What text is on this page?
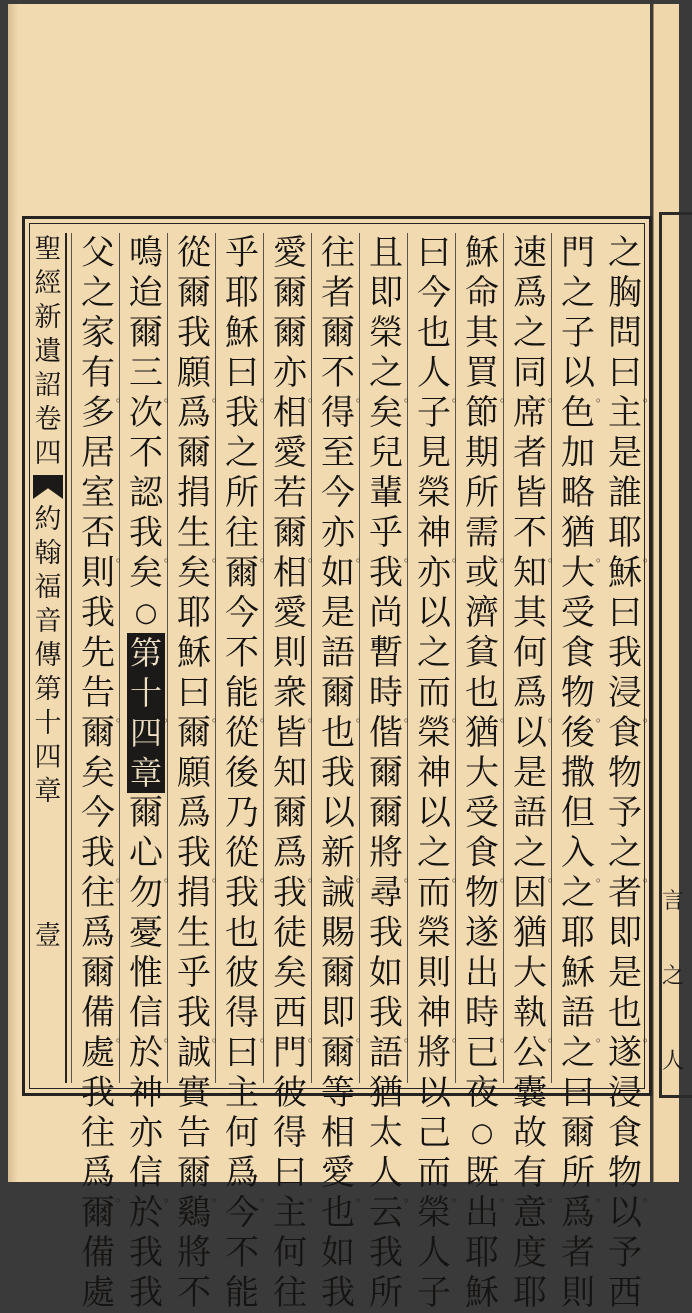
之
胸
問
曰 。
主
是
誰
耶 。
穌
曰
我
浸 。
食
物
予
之 。
者
即
是
也 。
遂
浸
食
物 。
以
予
西
門
之
子
以 。
色
加
略
猶 。
大
受
食
物 。
後
撒
但
入 。
之
耶
穌
語 。
之
曰
爾
所 。
爲
者
則
速
爲
之
同 。
席
者
皆
不 。
知
其
何
爲 。
以
是
語
之 。
因
猶
大
執 。
公
囊
故
有 。
意
度
耶
穌
命
其
買 。
節
期
所
需 。
或
濟
貧
也 。
猶
大
受
食 。
物
遂
出
時 。
已
夜
○
既 。
出
耶
穌
曰
今
也
人 。
子
見
榮
神 。
亦
以
之
而 。
榮
神
以
之 。
而
榮
則
神 。
將
以
己
而 。
榮
人
子
且
即
榮
之 。
矣
兒
輩
乎 。
我
尚
暫
時 。
偕
爾
爾
將 。
尋
我
如
我 。
語
猶
太
人 。
云
我
所
往
者
爾
不 。
得
至
今
亦 。
如
是
語
爾 。
也
我
以
新 。
誡
賜
爾
即 。
爾
等
相
愛 。
也
如
我
愛
爾
爾
亦 。
相
愛
若
爾 。
相
愛
則
衆 。
皆
知
爾
爲 。
我
徒
矣
西 。
門
彼
得
曰 。
主
何
往
乎
耶
穌
曰 。
我
之
所
往 。
爾
今
不
能 。
從
後
乃
從 。
我
也
彼
得 。
曰
主
何
爲 。
今
不
能
從
爾
我
願 。
爲
爾
捐
生 。
矣
耶
穌
曰 。
爾
願
爲
我 。
捐
生
乎
我 。
誠
實
告
爾 。
鷄
將
不
鳴
迨
爾
三 。
次
不
認
我 。
矣
○
第
十 。
四
章
爾
心 。
勿
憂
惟
信 。
於
神
亦
信 。
於
我
我
父
之
家
有 。
多
居
室
否 。
則
我
先
告 。
爾
矣
今
我 。
往
爲
爾
備 。
處
我
往
爲 。
爾
備
處
聖
經
新
遺
詔
卷
四
約
翰
福
音
傳
第
十
四
章
壹
言
之
人
